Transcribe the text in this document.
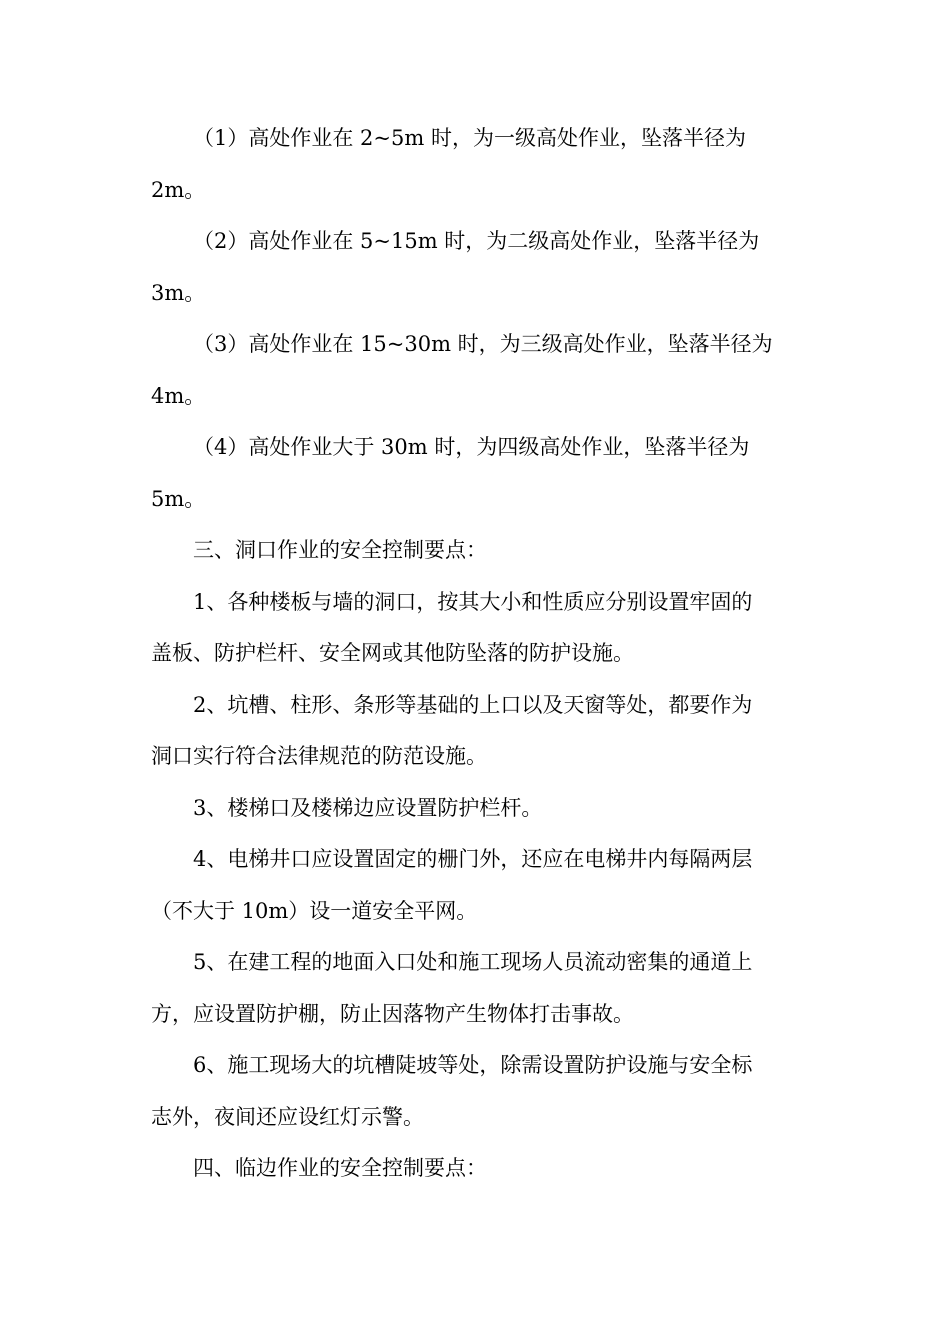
（1）高处作业在 2~5m 时，为一级高处作业，坠落半径为
2m。
（2）高处作业在 5~15m 时，为二级高处作业，坠落半径为
3m。
（3）高处作业在 15~30m 时，为三级高处作业，坠落半径为
4m。
（4）高处作业大于 30m 时，为四级高处作业，坠落半径为
5m。
三、洞口作业的安全控制要点：
1、各种楼板与墙的洞口，按其大小和性质应分别设置牢固的
盖板、防护栏杆、安全网或其他防坠落的防护设施。
2、坑槽、柱形、条形等基础的上口以及天窗等处，都要作为
洞口实行符合法律规范的防范设施。
3、楼梯口及楼梯边应设置防护栏杆。
4、电梯井口应设置固定的栅门外，还应在电梯井内每隔两层
（不大于 10m）设一道安全平网。
5、在建工程的地面入口处和施工现场人员流动密集的通道上
方，应设置防护棚，防止因落物产生物体打击事故。
6、施工现场大的坑槽陡坡等处，除需设置防护设施与安全标
志外，夜间还应设红灯示警。
四、临边作业的安全控制要点：
